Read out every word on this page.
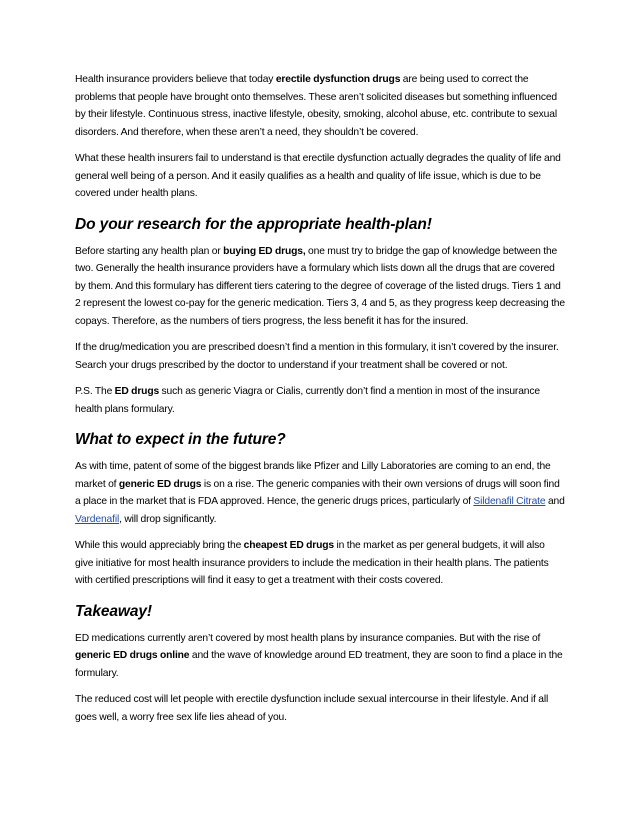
Health insurance providers believe that today erectile dysfunction drugs are being used to correct the problems that people have brought onto themselves. These aren’t solicited diseases but something influenced by their lifestyle. Continuous stress, inactive lifestyle, obesity, smoking, alcohol abuse, etc. contribute to sexual disorders. And therefore, when these aren’t a need, they shouldn’t be covered.

What these health insurers fail to understand is that erectile dysfunction actually degrades the quality of life and general well being of a person. And it easily qualifies as a health and quality of life issue, which is due to be covered under health plans.

Do your research for the appropriate health-plan!

Before starting any health plan or buying ED drugs, one must try to bridge the gap of knowledge between the two. Generally the health insurance providers have a formulary which lists down all the drugs that are covered by them. And this formulary has different tiers catering to the degree of coverage of the listed drugs. Tiers 1 and 2 represent the lowest co-pay for the generic medication. Tiers 3, 4 and 5, as they progress keep decreasing the copays. Therefore, as the numbers of tiers progress, the less benefit it has for the insured.

If the drug/medication you are prescribed doesn’t find a mention in this formulary, it isn’t covered by the insurer. Search your drugs prescribed by the doctor to understand if your treatment shall be covered or not.

P.S. The ED drugs such as generic Viagra or Cialis, currently don’t find a mention in most of the insurance health plans formulary.

What to expect in the future?

As with time, patent of some of the biggest brands like Pfizer and Lilly Laboratories are coming to an end, the market of generic ED drugs is on a rise. The generic companies with their own versions of drugs will soon find a place in the market that is FDA approved. Hence, the generic drugs prices, particularly of Sildenafil Citrate and Vardenafil, will drop significantly.

While this would appreciably bring the cheapest ED drugs in the market as per general budgets, it will also give initiative for most health insurance providers to include the medication in their health plans. The patients with certified prescriptions will find it easy to get a treatment with their costs covered.

Takeaway!

ED medications currently aren’t covered by most health plans by insurance companies. But with the rise of generic ED drugs online and the wave of knowledge around ED treatment, they are soon to find a place in the formulary.

The reduced cost will let people with erectile dysfunction include sexual intercourse in their lifestyle. And if all goes well, a worry free sex life lies ahead of you.
